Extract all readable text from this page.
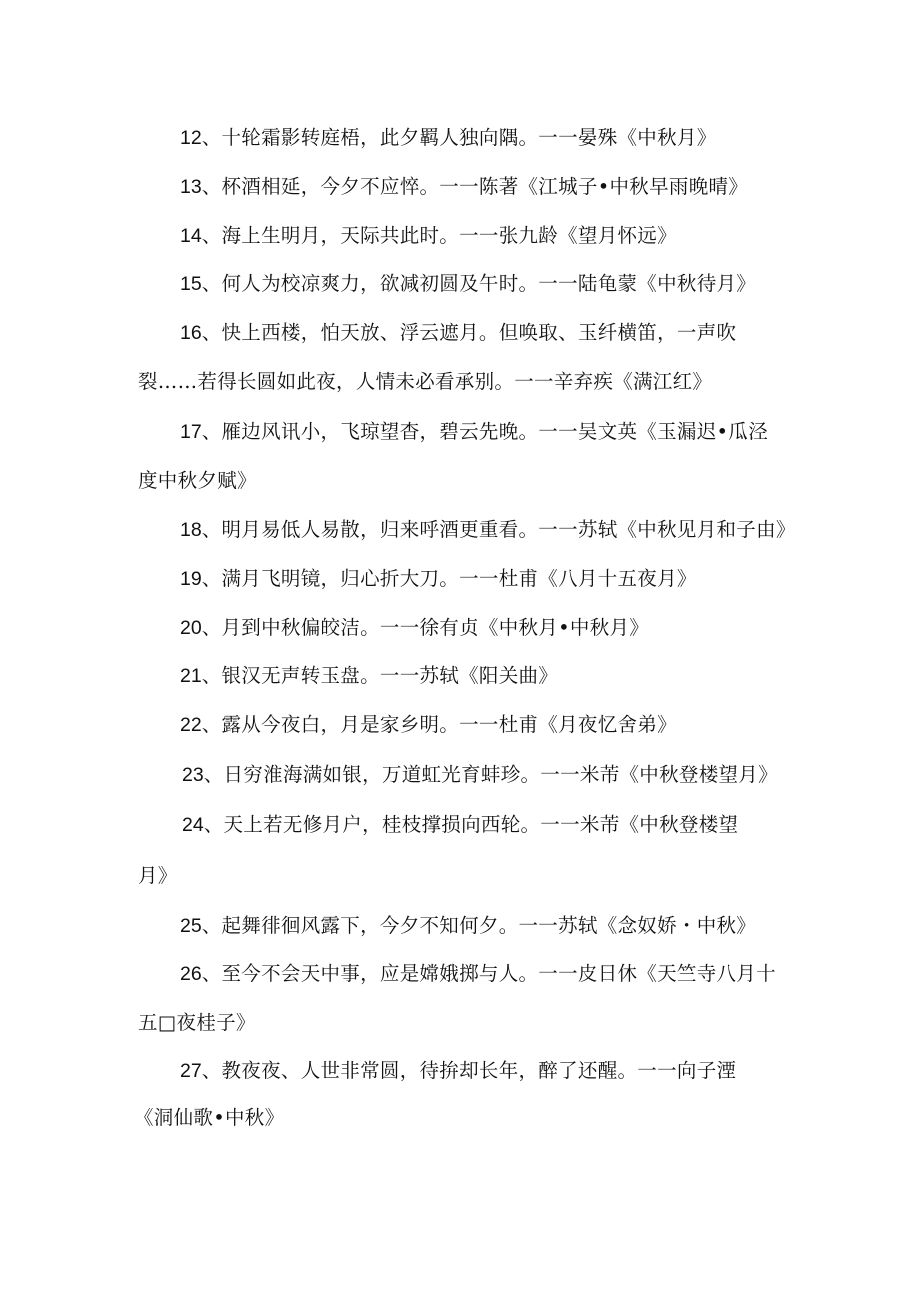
12、十轮霜影转庭梧，此夕羁人独向隅。一一晏殊《中秋月》
13、杯酒相延，今夕不应悴。一一陈著《江城子•中秋早雨晚晴》
14、海上生明月，天际共此时。一一张九龄《望月怀远》
15、何人为校凉爽力，欲减初圆及午时。一一陆龟蒙《中秋待月》
16、快上西楼，怕天放、浮云遮月。但唤取、玉纤横笛，一声吹
裂……若得长圆如此夜，人情未必看承别。一一辛弃疾《满江红》
17、雁边风讯小，飞琼望杳，碧云先晚。一一吴文英《玉漏迟•瓜泾
度中秋夕赋》
18、明月易低人易散，归来呼酒更重看。一一苏轼《中秋见月和子由》
19、满月飞明镜，归心折大刀。一一杜甫《八月十五夜月》
20、月到中秋偏皎洁。一一徐有贞《中秋月•中秋月》
21、银汉无声转玉盘。一一苏轼《阳关曲》
22、露从今夜白，月是家乡明。一一杜甫《月夜忆舍弟》
23、日穷淮海满如银，万道虹光育蚌珍。一一米芾《中秋登楼望月》
24、天上若无修月户，桂枝撑损向西轮。一一米芾《中秋登楼望
月》
25、起舞徘徊风露下，今夕不知何夕。一一苏轼《念奴娇・中秋》
26、至今不会天中事，应是嫦娥掷与人。一一皮日休《天竺寺八月十
五□夜桂子》
27、教夜夜、人世非常圆，待拚却长年，醉了还醒。一一向子湮
《洞仙歌•中秋》
